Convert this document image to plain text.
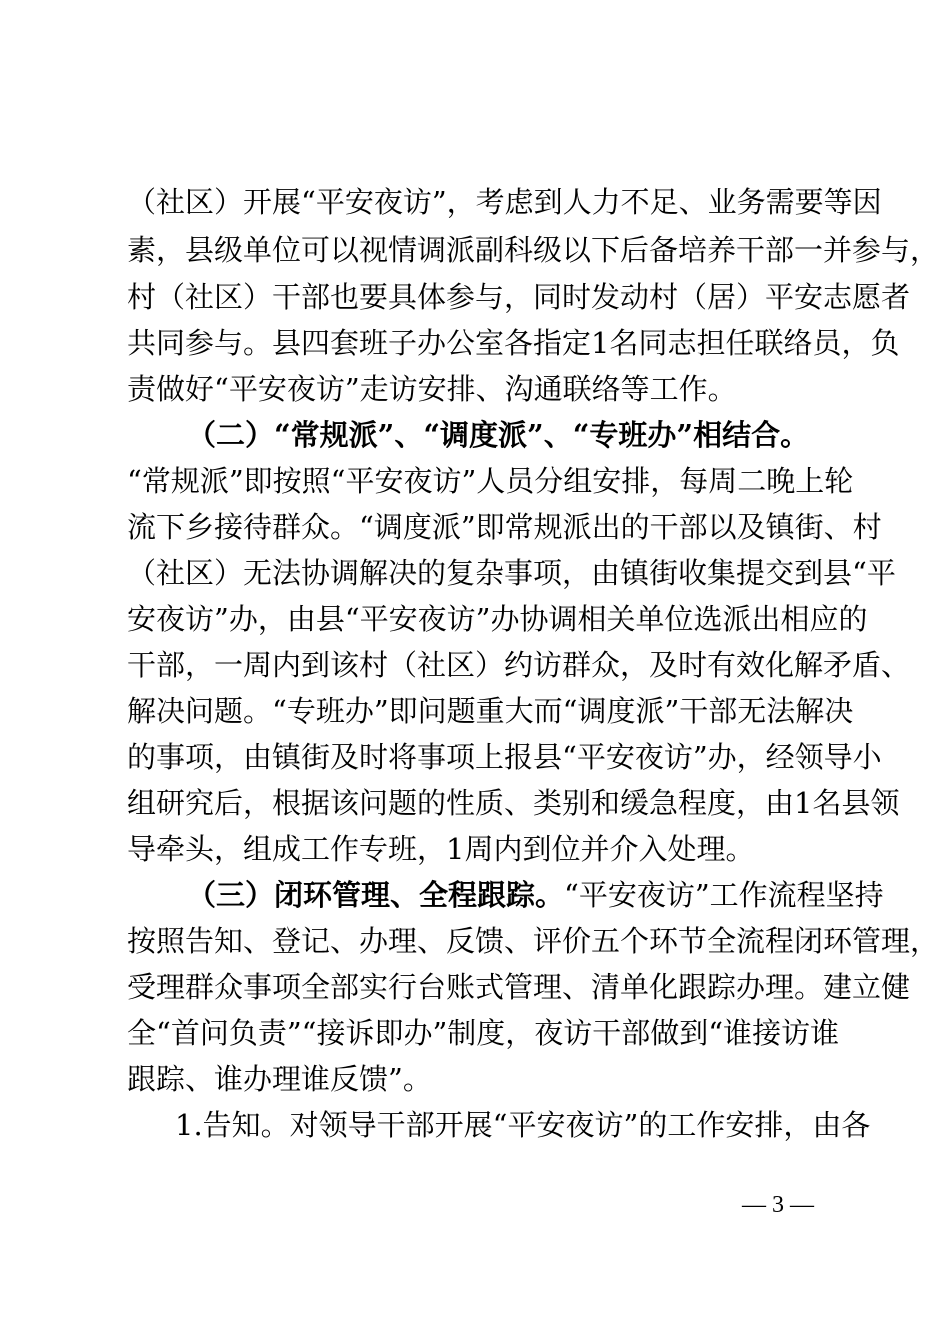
（社区）开展“平安夜访”，考虑到人力不足、业务需要等因
素，县级单位可以视情调派副科级以下后备培养干部一并参与，
村（社区）干部也要具体参与，同时发动村（居）平安志愿者
共同参与。县四套班子办公室各指定1名同志担任联络员，负
责做好“平安夜访”走访安排、沟通联络等工作。
（二）“常规派”、“调度派”、“专班办”相结合。
“常规派”即按照“平安夜访”人员分组安排，每周二晚上轮
流下乡接待群众。“调度派”即常规派出的干部以及镇街、村
（社区）无法协调解决的复杂事项，由镇街收集提交到县“平
安夜访”办，由县“平安夜访”办协调相关单位选派出相应的
干部，一周内到该村（社区）约访群众，及时有效化解矛盾、
解决问题。“专班办”即问题重大而“调度派”干部无法解决
的事项，由镇街及时将事项上报县“平安夜访”办，经领导小
组研究后，根据该问题的性质、类别和缓急程度，由1名县领
导牵头，组成工作专班，1周内到位并介入处理。
（三）闭环管理、全程跟踪。“平安夜访”工作流程坚持
按照告知、登记、办理、反馈、评价五个环节全流程闭环管理，
受理群众事项全部实行台账式管理、清单化跟踪办理。建立健
全“首问负责”“接诉即办”制度，夜访干部做到“谁接访谁
跟踪、谁办理谁反馈”。
1.告知。对领导干部开展“平安夜访”的工作安排，由各
— 3 —
